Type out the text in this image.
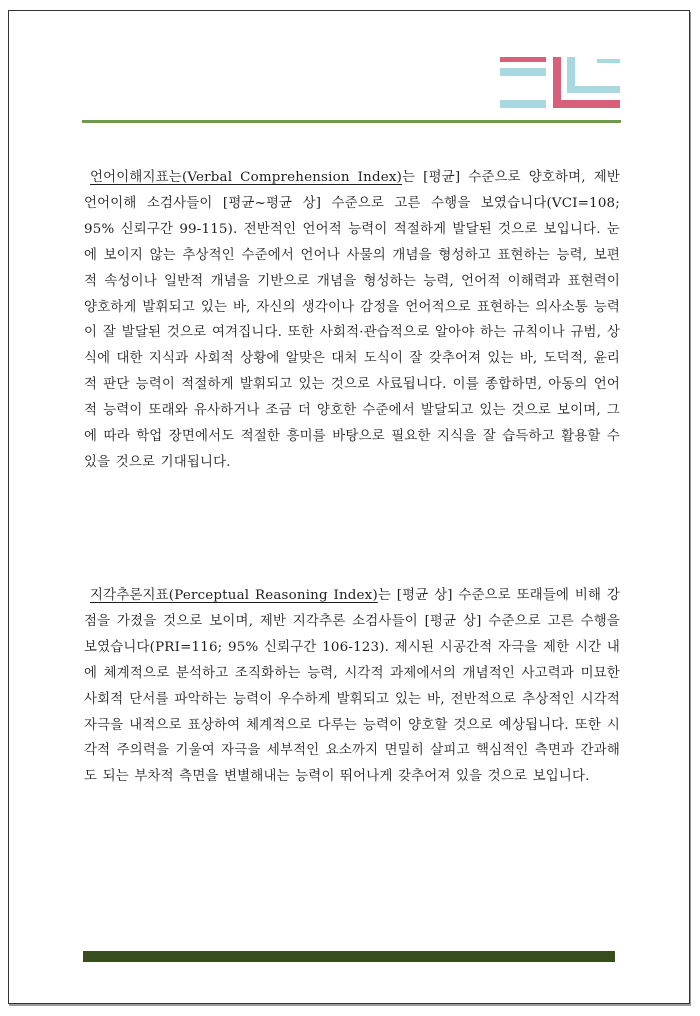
언어이해지표는(Verbal Comprehension Index)는 [평균] 수준으로 양호하며, 제반 언어이해 소검사들이 [평균~평균 상] 수준으로 고른 수행을 보였습니다(VCI=108; 95% 신뢰구간 99-115). 전반적인 언어적 능력이 적절하게 발달된 것으로 보입니다. 눈에 보이지 않는 추상적인 수준에서 언어나 사물의 개념을 형성하고 표현하는 능력, 보편적 속성이나 일반적 개념을 기반으로 개념을 형성하는 능력, 언어적 이해력과 표현력이 양호하게 발휘되고 있는 바, 자신의 생각이나 감정을 언어적으로 표현하는 의사소통 능력이 잘 발달된 것으로 여겨집니다. 또한 사회적·관습적으로 알아야 하는 규칙이나 규범, 상식에 대한 지식과 사회적 상황에 알맞은 대처 도식이 잘 갖추어져 있는 바, 도덕적, 윤리적 판단 능력이 적절하게 발휘되고 있는 것으로 사료됩니다. 이를 종합하면, 아동의 언어적 능력이 또래와 유사하거나 조금 더 양호한 수준에서 발달되고 있는 것으로 보이며, 그에 따라 학업 장면에서도 적절한 흥미를 바탕으로 필요한 지식을 잘 습득하고 활용할 수 있을 것으로 기대됩니다.

지각추론지표(Perceptual Reasoning Index)는 [평균 상] 수준으로 또래들에 비해 강점을 가졌을 것으로 보이며, 제반 지각추론 소검사들이 [평균 상] 수준으로 고른 수행을 보였습니다(PRI=116; 95% 신뢰구간 106-123). 제시된 시공간적 자극을 제한 시간 내에 체계적으로 분석하고 조직화하는 능력, 시각적 과제에서의 개념적인 사고력과 미묘한 사회적 단서를 파악하는 능력이 우수하게 발휘되고 있는 바, 전반적으로 추상적인 시각적 자극을 내적으로 표상하여 체계적으로 다루는 능력이 양호할 것으로 예상됩니다. 또한 시각적 주의력을 기울여 자극을 세부적인 요소까지 면밀히 살피고 핵심적인 측면과 간과해도 되는 부차적 측면을 변별해내는 능력이 뛰어나게 갖추어져 있을 것으로 보입니다.
